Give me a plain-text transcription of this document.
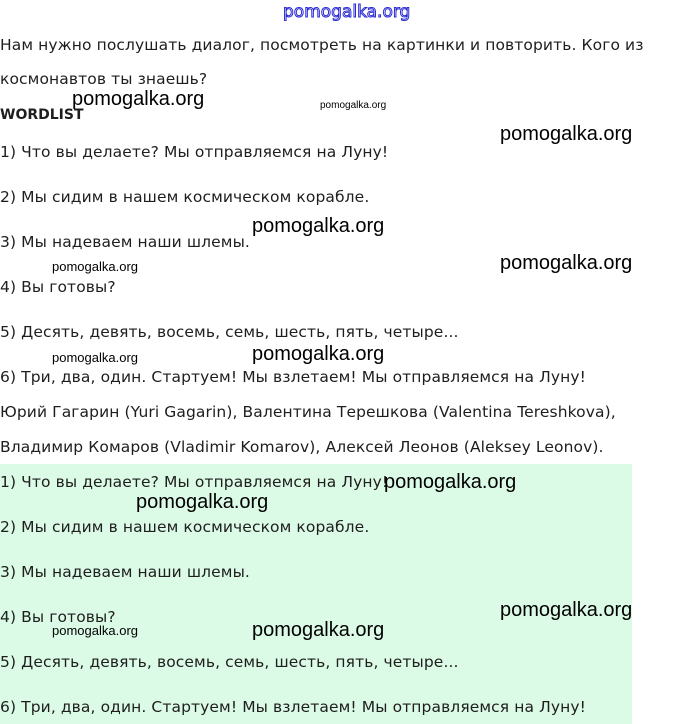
pomogalka.org

Нам нужно послушать диалог, посмотреть на картинки и повторить. Кого из

космонавтов ты знаешь?

WORDLIST

1) Что вы делаете? Мы отправляемся на Луну!

2) Мы сидим в нашем космическом корабле.

3) Мы надеваем наши шлемы.

4) Вы готовы?

5) Десять, девять, восемь, семь, шесть, пять, четыре...

6) Три, два, один. Стартуем! Мы взлетаем! Мы отправляемся на Луну!

Юрий Гагарин (Yuri Gagarin), Валентина Терешкова (Valentina Tereshkova),

Владимир Комаров (Vladimir Komarov), Алексей Леонов (Aleksey Leonov).

1) Что вы делаете? Мы отправляемся на Луну!

2) Мы сидим в нашем космическом корабле.

3) Мы надеваем наши шлемы.

4) Вы готовы?

5) Десять, девять, восемь, семь, шесть, пять, четыре...

6) Три, два, один. Стартуем! Мы взлетаем! Мы отправляемся на Луну!

pomogalka.org	pomogalka.org
pomogalka.org
pomogalka.org
pomogalka.org	pomogalka.org
pomogalka.org	pomogalka.org
pomogalka.org
pomogalka.org
pomogalka.org
pomogalka.org	pomogalka.org
